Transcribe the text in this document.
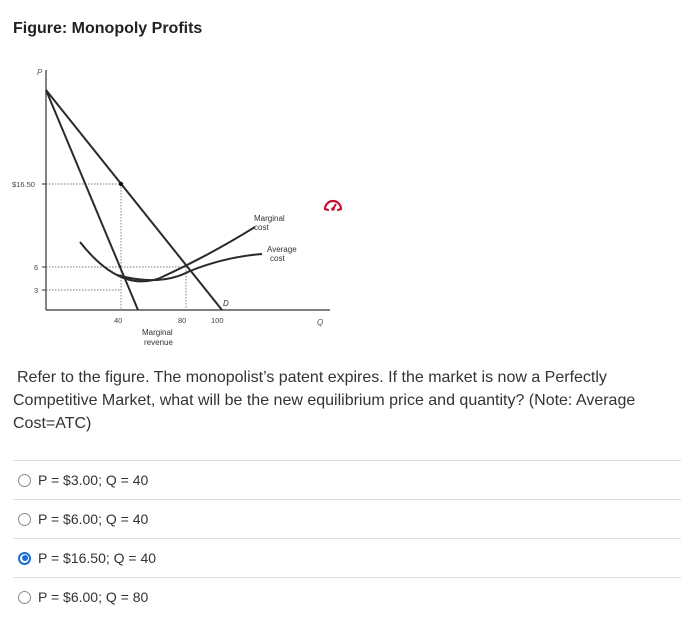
Figure: Monopoly Profits
P
Q
$16.50
6
3
40	80	100
D
Marginal
cost
Average
cost
Marginal
revenue
Refer to the figure. The monopolist’s patent expires. If the market is now a Perfectly
Competitive Market, what will be the new equilibrium price and quantity? (Note: Average
Cost=ATC)
P = $3.00; Q = 40
P = $6.00; Q = 40
P = $16.50; Q = 40
P = $6.00; Q = 80
